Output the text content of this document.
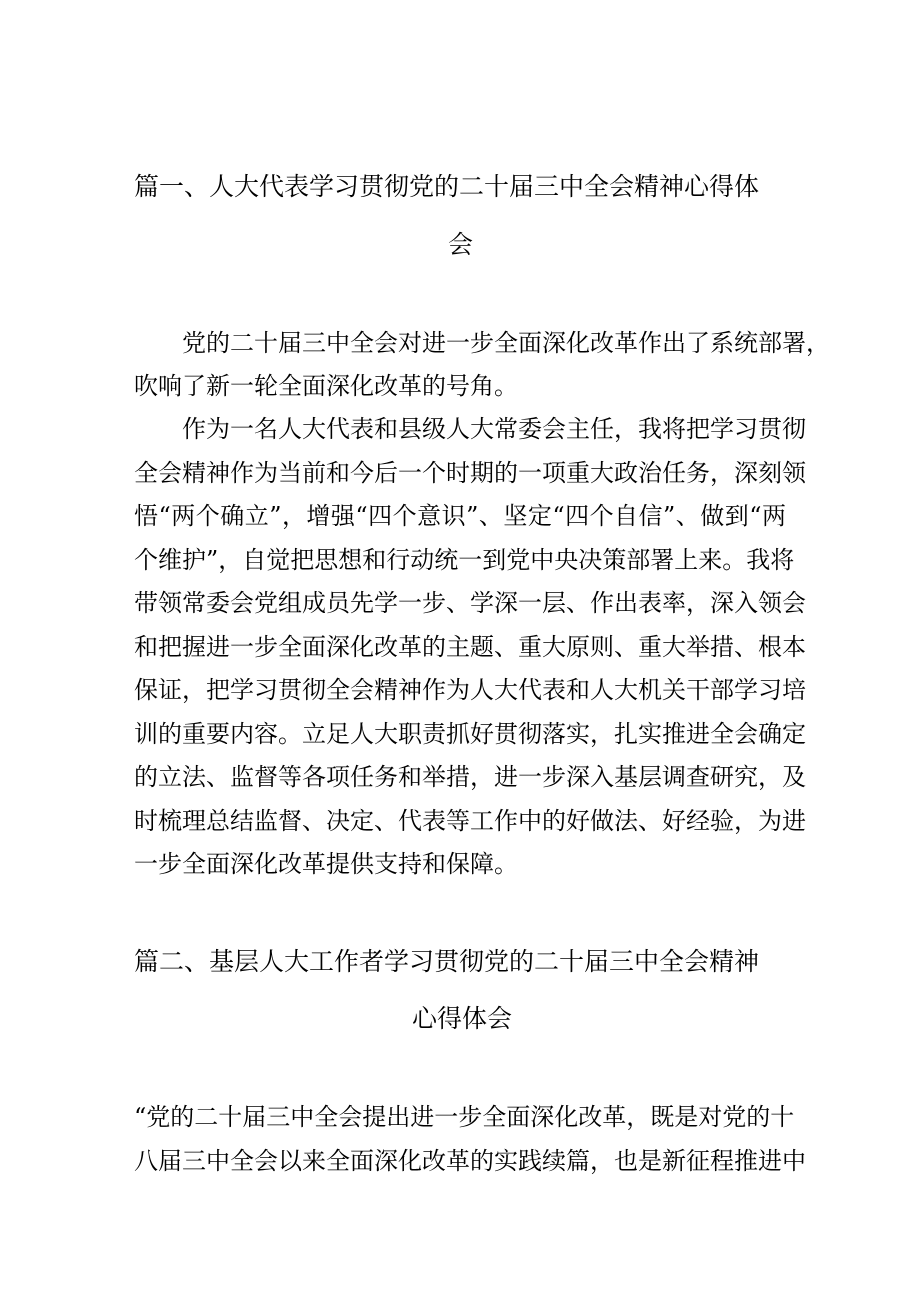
篇一、人大代表学习贯彻党的二十届三中全会精神心得体
会

党的二十届三中全会对进一步全面深化改革作出了系统部署，

吹响了新一轮全面深化改革的号角。

作为一名人大代表和县级人大常委会主任，我将把学习贯彻

全会精神作为当前和今后一个时期的一项重大政治任务，深刻领

悟“两个确立”，增强“四个意识”、坚定“四个自信”、做到“两

个维护”，自觉把思想和行动统一到党中央决策部署上来。我将

带领常委会党组成员先学一步、学深一层、作出表率，深入领会

和把握进一步全面深化改革的主题、重大原则、重大举措、根本

保证，把学习贯彻全会精神作为人大代表和人大机关干部学习培

训的重要内容。立足人大职责抓好贯彻落实，扎实推进全会确定

的立法、监督等各项任务和举措，进一步深入基层调查研究，及

时梳理总结监督、决定、代表等工作中的好做法、好经验，为进

一步全面深化改革提供支持和保障。

篇二、基层人大工作者学习贯彻党的二十届三中全会精神
心得体会

“党的二十届三中全会提出进一步全面深化改革，既是对党的十

八届三中全会以来全面深化改革的实践续篇，也是新征程推进中
